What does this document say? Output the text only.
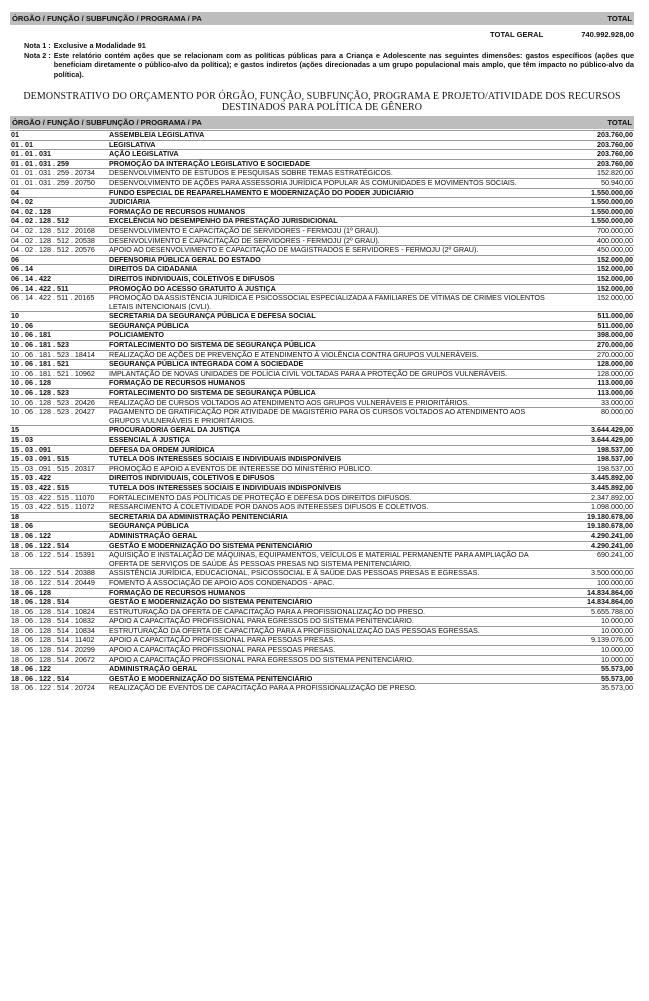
ÓRGÃO / FUNÇÃO / SUBFUNÇÃO / PROGRAMA / PA	TOTAL
TOTAL GERAL	740.992.928,00
Nota 1 : Exclusive a Modalidade 91
Nota 2 : Este relatório contém ações que se relacionam com as políticas públicas para a Criança e Adolescente nas seguintes dimensões: gastos específicos (ações que beneficiam diretamente o público-alvo da política); e gastos indiretos (ações direcionadas a um grupo populacional mais amplo, que têm impacto no público-alvo da política).
DEMONSTRATIVO DO ORÇAMENTO POR ÓRGÃO, FUNÇÃO, SUBFUNÇÃO, PROGRAMA E PROJETO/ATIVIDADE DOS RECURSOS DESTINADOS PARA POLÍTICA DE GÊNERO
ÓRGÃO / FUNÇÃO / SUBFUNÇÃO / PROGRAMA / PA	TOTAL
01	ASSEMBLEIA LEGISLATIVA	203.760,00
01 . 01	LEGISLATIVA	203.760,00
01 . 01 . 031	AÇÃO LEGISLATIVA	203.760,00
01 . 01 . 031 . 259	PROMOÇÃO DA INTERAÇÃO LEGISLATIVO E SOCIEDADE	203.760,00
01 . 01 . 031 . 259 . 20734	DESENVOLVIMENTO DE ESTUDOS E PESQUISAS SOBRE TEMAS ESTRATÉGICOS.	152.820,00
01 . 01 . 031 . 259 . 20750	DESENVOLVIMENTO DE AÇÕES PARA ASSESSORIA JURÍDICA POPULAR ÀS COMUNIDADES E MOVIMENTOS SOCIAIS.	50.940,00
04	FUNDO ESPECIAL DE REAPARELHAMENTO E MODERNIZAÇÃO DO PODER JUDICIÁRIO	1.550.000,00
04 . 02	JUDICIÁRIA	1.550.000,00
04 . 02 . 128	FORMAÇÃO DE RECURSOS HUMANOS	1.550.000,00
04 . 02 . 128 . 512	EXCELÊNCIA NO DESEMPENHO DA PRESTAÇÃO JURISDICIONAL	1.550.000,00
04 . 02 . 128 . 512 . 20168	DESENVOLVIMENTO E CAPACITAÇÃO DE SERVIDORES - FERMOJU (1º GRAU).	700.000,00
04 . 02 . 128 . 512 . 20538	DESENVOLVIMENTO E CAPACITAÇÃO DE SERVIDORES - FERMOJU (2º GRAU).	400.000,00
04 . 02 . 128 . 512 . 20576	APOIO AO DESENVOLVIMENTO E CAPACITAÇÃO DE MAGISTRADOS E SERVIDORES - FERMOJU (2º GRAU).	450.000,00
06	DEFENSORIA PÚBLICA GERAL DO ESTADO	152.000,00
06 . 14	DIREITOS DA CIDADANIA	152.000,00
06 . 14 . 422	DIREITOS INDIVIDUAIS, COLETIVOS E DIFUSOS	152.000,00
06 . 14 . 422 . 511	PROMOÇÃO DO ACESSO GRATUITO À JUSTIÇA	152.000,00
06 . 14 . 422 . 511 . 20165	PROMOÇÃO DA ASSISTÊNCIA JURÍDICA E PSICOSSOCIAL ESPECIALIZADA A FAMILIARES DE VÍTIMAS DE CRIMES VIOLENTOS LETAIS INTENCIONAIS (CVLI).
152.000,00
10	SECRETARIA DA SEGURANÇA PÚBLICA E DEFESA SOCIAL	511.000,00
10 . 06	SEGURANÇA PÚBLICA	511.000,00
10 . 06 . 181	POLICIAMENTO	398.000,00
10 . 06 . 181 . 523	FORTALECIMENTO DO SISTEMA DE SEGURANÇA PÚBLICA	270.000,00
10 . 06 . 181 . 523 . 18414	REALIZAÇÃO DE AÇÕES DE PREVENÇÃO E ATENDIMENTO À VIOLÊNCIA CONTRA GRUPOS VULNERÁVEIS.	270.000,00
10 . 06 . 181 . 521	SEGURANÇA PÚBLICA INTEGRADA COM A SOCIEDADE	128.000,00
10 . 06 . 181 . 521 . 10962	IMPLANTAÇÃO DE NOVAS UNIDADES DE POLÍCIA CIVIL VOLTADAS PARA A PROTEÇÃO DE GRUPOS VULNERÁVEIS.	128.000,00
10 . 06 . 128	FORMAÇÃO DE RECURSOS HUMANOS	113.000,00
10 . 06 . 128 . 523	FORTALECIMENTO DO SISTEMA DE SEGURANÇA PÚBLICA	113.000,00
10 . 06 . 128 . 523 . 20426	REALIZAÇÃO DE CURSOS VOLTADOS AO ATENDIMENTO AOS GRUPOS VULNERÁVEIS E PRIORITÁRIOS.	33.000,00
10 . 06 . 128 . 523 . 20427	PAGAMENTO DE GRATIFICAÇÃO POR ATIVIDADE DE MAGISTÉRIO PARA OS CURSOS VOLTADOS AO ATENDIMENTO AOS GRUPOS VULNERÁVEIS E PRIORITÁRIOS.
80.000,00
15	PROCURADORIA GERAL DA JUSTIÇA	3.644.429,00
15 . 03	ESSENCIAL À JUSTIÇA	3.644.429,00
15 . 03 . 091	DEFESA DA ORDEM JURÍDICA	198.537,00
15 . 03 . 091 . 515	TUTELA DOS INTERESSES SOCIAIS E INDIVIDUAIS INDISPONÍVEIS	198.537,00
15 . 03 . 091 . 515 . 20317	PROMOÇÃO E APOIO A EVENTOS DE INTERESSE DO MINISTÉRIO PÚBLICO.	198.537,00
15 . 03 . 422	DIREITOS INDIVIDUAIS, COLETIVOS E DIFUSOS	3.445.892,00
15 . 03 . 422 . 515	TUTELA DOS INTERESSES SOCIAIS E INDIVIDUAIS INDISPONÍVEIS	3.445.892,00
15 . 03 . 422 . 515 . 11070	FORTALECIMENTO DAS POLÍTICAS DE PROTEÇÃO E DEFESA DOS DIREITOS DIFUSOS.	2.347.892,00
15 . 03 . 422 . 515 . 11072	RESSARCIMENTO À COLETIVIDADE POR DANOS AOS INTERESSES DIFUSOS E COLETIVOS.	1.098.000,00
18	SECRETARIA DA ADMINISTRAÇÃO PENITENCIÁRIA	19.180.678,00
18 . 06	SEGURANÇA PÚBLICA	19.180.678,00
18 . 06 . 122	ADMINISTRAÇÃO GERAL	4.290.241,00
18 . 06 . 122 . 514	GESTÃO E MODERNIZAÇÃO DO SISTEMA PENITENCIÁRIO	4.290.241,00
18 . 06 . 122 . 514 . 15391	AQUISIÇÃO E INSTALAÇÃO DE MÁQUINAS, EQUIPAMENTOS, VEÍCULOS E MATERIAL PERMANENTE PARA AMPLIAÇÃO DA OFERTA DE SERVIÇOS DE SAÚDE ÀS PESSOAS PRESAS NO SISTEMA PENITENCIÁRIO.
690.241,00
18 . 06 . 122 . 514 . 20388	ASSISTÊNCIA JURÍDICA, EDUCACIONAL, PSICOSSOCIAL E À SAÚDE DAS PESSOAS PRESAS E EGRESSAS.	3.500.000,00
18 . 06 . 122 . 514 . 20449	FOMENTO À ASSOCIAÇÃO DE APOIO AOS CONDENADOS - APAC.	100.000,00
18 . 06 . 128	FORMAÇÃO DE RECURSOS HUMANOS	14.834.864,00
18 . 06 . 128 . 514	GESTÃO E MODERNIZAÇÃO DO SISTEMA PENITENCIÁRIO	14.834.864,00
18 . 06 . 128 . 514 . 10824	ESTRUTURAÇÃO DA OFERTA DE CAPACITAÇÃO PARA A PROFISSIONALIZAÇÃO DO PRESO.	5.655.788,00
18 . 06 . 128 . 514 . 10832	APOIO A CAPACITAÇÃO PROFISSIONAL PARA EGRESSOS DO SISTEMA PENITENCIÁRIO.	10.000,00
18 . 06 . 128 . 514 . 10834	ESTRUTURAÇÃO DA OFERTA DE CAPACITAÇÃO PARA A PROFISSIONALIZAÇÃO DAS PESSOAS EGRESSAS.	10.000,00
18 . 06 . 128 . 514 . 11402	APOIO A CAPACITAÇÃO PROFISSIONAL PARA PESSOAS PRESAS.	9.139.076,00
18 . 06 . 128 . 514 . 20299	APOIO A CAPACITAÇÃO PROFISSIONAL PARA PESSOAS PRESAS.	10.000,00
18 . 06 . 128 . 514 . 20672	APOIO A CAPACITAÇÃO PROFISSIONAL PARA EGRESSOS DO SISTEMA PENITENCIÁRIO.	10.000,00
18 . 06 . 122	ADMINISTRAÇÃO GERAL	55.573,00
18 . 06 . 122 . 514	GESTÃO E MODERNIZAÇÃO DO SISTEMA PENITENCIÁRIO	55.573,00
18 . 06 . 122 . 514 . 20724	REALIZAÇÃO DE EVENTOS DE CAPACITAÇÃO PARA A PROFISSIONALIZAÇÃO DE PRESO.	35.573,00
